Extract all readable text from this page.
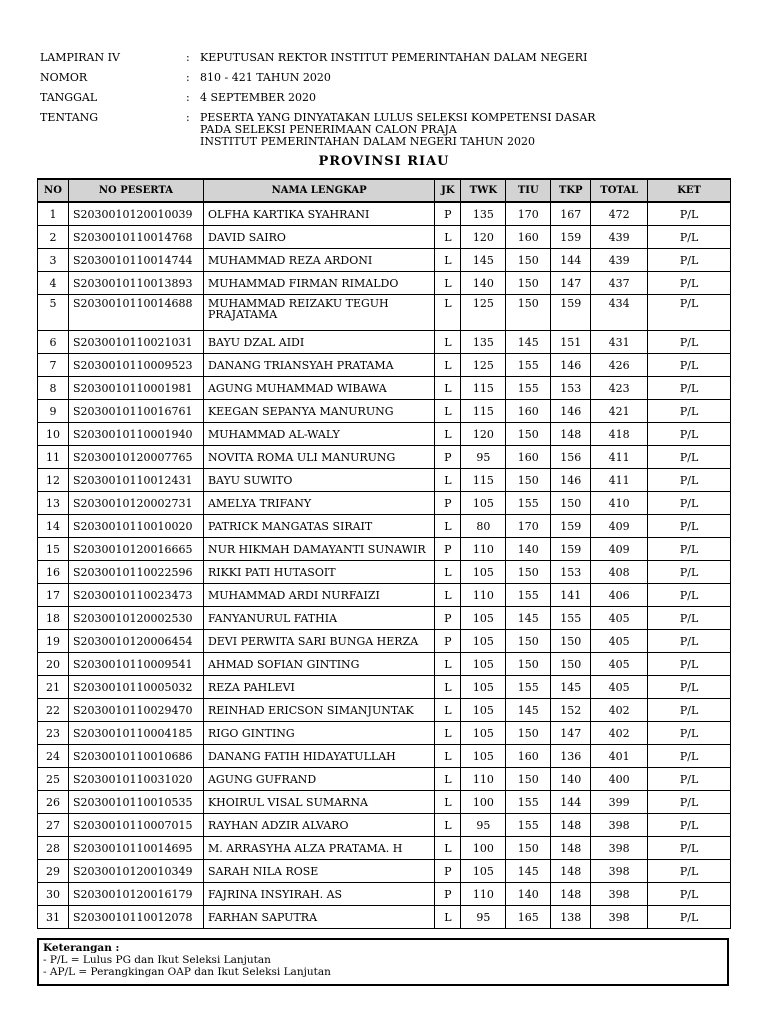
LAMPIRAN IV	: KEPUTUSAN REKTOR INSTITUT PEMERINTAHAN DALAM NEGERI
NOMOR	: 810 - 421 TAHUN 2020
TANGGAL	: 4 SEPTEMBER 2020
TENTANG	: PESERTA YANG DINYATAKAN LULUS SELEKSI KOMPETENSI DASAR
PADA SELEKSI PENERIMAAN CALON PRAJA
INSTITUT PEMERINTAHAN DALAM NEGERI TAHUN 2020
PROVINSI RIAU
NO	NO PESERTA	NAMA LENGKAP	JK	TWK	TIU	TKP	TOTAL	KET
1	S2030010120010039	OLFHA KARTIKA SYAHRANI	P	135	170	167	472	P/L
2	S2030010110014768	DAVID SAIRO	L	120	160	159	439	P/L
3	S2030010110014744	MUHAMMAD REZA ARDONI	L	145	150	144	439	P/L
4	S2030010110013893	MUHAMMAD FIRMAN RIMALDO	L	140	150	147	437	P/L
5	S2030010110014688	MUHAMMAD REIZAKU TEGUH PRAJATAMA	L	125	150	159	434	P/L
6	S2030010110021031	BAYU DZAL AIDI	L	135	145	151	431	P/L
7	S2030010110009523	DANANG TRIANSYAH PRATAMA	L	125	155	146	426	P/L
8	S2030010110001981	AGUNG MUHAMMAD WIBAWA	L	115	155	153	423	P/L
9	S2030010110016761	KEEGAN SEPANYA MANURUNG	L	115	160	146	421	P/L
10	S2030010110001940	MUHAMMAD AL-WALY	L	120	150	148	418	P/L
11	S2030010120007765	NOVITA ROMA ULI MANURUNG	P	95	160	156	411	P/L
12	S2030010110012431	BAYU SUWITO	L	115	150	146	411	P/L
13	S2030010120002731	AMELYA TRIFANY	P	105	155	150	410	P/L
14	S2030010110010020	PATRICK MANGATAS SIRAIT	L	80	170	159	409	P/L
15	S2030010120016665	NUR HIKMAH DAMAYANTI SUNAWIR	P	110	140	159	409	P/L
16	S2030010110022596	RIKKI PATI HUTASOIT	L	105	150	153	408	P/L
17	S2030010110023473	MUHAMMAD ARDI NURFAIZI	L	110	155	141	406	P/L
18	S2030010120002530	FANYANURUL FATHIA	P	105	145	155	405	P/L
19	S2030010120006454	DEVI PERWITA SARI BUNGA HERZA	P	105	150	150	405	P/L
20	S2030010110009541	AHMAD SOFIAN GINTING	L	105	150	150	405	P/L
21	S2030010110005032	REZA PAHLEVI	L	105	155	145	405	P/L
22	S2030010110029470	REINHAD ERICSON SIMANJUNTAK	L	105	145	152	402	P/L
23	S2030010110004185	RIGO GINTING	L	105	150	147	402	P/L
24	S2030010110010686	DANANG FATIH HIDAYATULLAH	L	105	160	136	401	P/L
25	S2030010110031020	AGUNG GUFRAND	L	110	150	140	400	P/L
26	S2030010110010535	KHOIRUL VISAL SUMARNA	L	100	155	144	399	P/L
27	S2030010110007015	RAYHAN ADZIR ALVARO	L	95	155	148	398	P/L
28	S2030010110014695	M. ARRASYHA ALZA PRATAMA. H	L	100	150	148	398	P/L
29	S2030010120010349	SARAH NILA ROSE	P	105	145	148	398	P/L
30	S2030010120016179	FAJRINA INSYIRAH. AS	P	110	140	148	398	P/L
31	S2030010110012078	FARHAN SAPUTRA	L	95	165	138	398	P/L
Keterangan :
- P/L = Lulus PG dan Ikut Seleksi Lanjutan
- AP/L = Perangkingan OAP dan Ikut Seleksi Lanjutan
